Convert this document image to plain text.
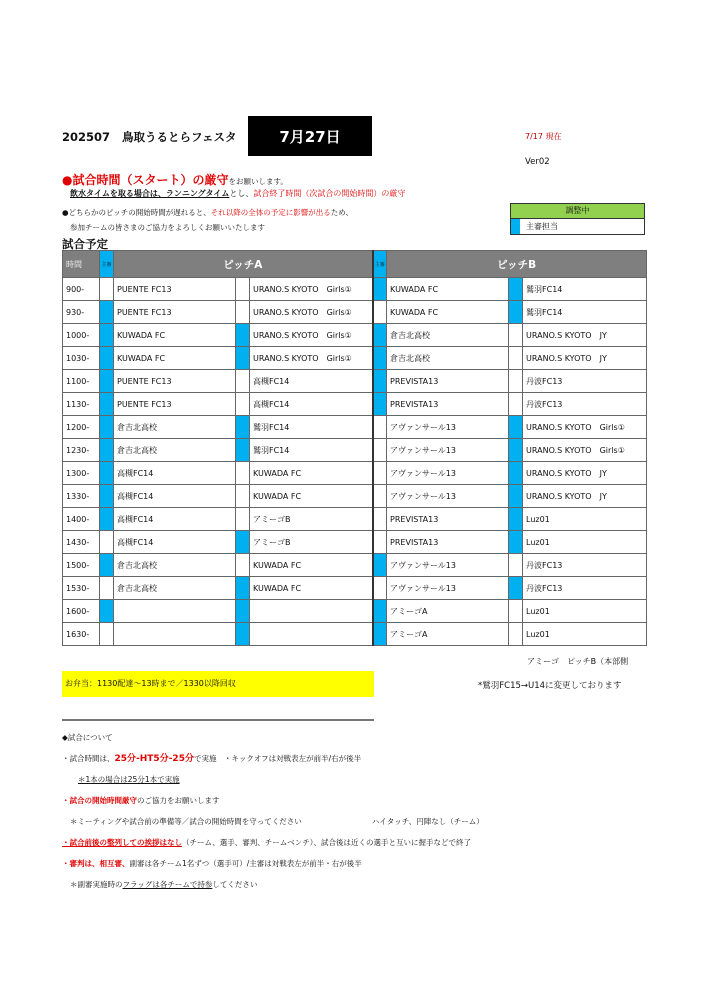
202507 鳥取うるとらフェスタ	7月27日	7/17 現在
Ver02
●試合時間（スタート）の厳守をお願いします。
飲水タイムを取る場合は、ランニングタイムとし、試合終了時間（次試合の開始時間）の厳守
●どちらかのピッチの開始時間が遅れると、それ以降の全体の予定に影響が出るため、
参加チームの皆さまのご協力をよろしくお願いいたします
調整中
主審担当
試合予定
時間	主審	ピッチA			主審	ピッチB		
900-		PUENTE FC13		URANO.S KYOTO　Girls①		KUWADA FC		鷲羽FC14
930-		PUENTE FC13		URANO.S KYOTO　Girls①		KUWADA FC		鷲羽FC14
1000-		KUWADA FC		URANO.S KYOTO　Girls①		倉吉北高校		URANO.S KYOTO　JY
1030-		KUWADA FC		URANO.S KYOTO　Girls①		倉吉北高校		URANO.S KYOTO　JY
1100-		PUENTE FC13		高槻FC14		PREVISTA13		丹波FC13
1130-		PUENTE FC13		高槻FC14		PREVISTA13		丹波FC13
1200-		倉吉北高校		鷲羽FC14		アヴァンサール13		URANO.S KYOTO　Girls①
1230-		倉吉北高校		鷲羽FC14		アヴァンサール13		URANO.S KYOTO　Girls①
1300-		高槻FC14		KUWADA FC		アヴァンサール13		URANO.S KYOTO　JY
1330-		高槻FC14		KUWADA FC		アヴァンサール13		URANO.S KYOTO　JY
1400-		高槻FC14		アミーゴB		PREVISTA13		Luz01
1430-		高槻FC14		アミーゴB		PREVISTA13		Luz01
1500-		倉吉北高校		KUWADA FC		アヴァンサール13		丹波FC13
1530-		倉吉北高校		KUWADA FC		アヴァンサール13		丹波FC13
1600-						アミーゴA		Luz01
1630-						アミーゴA		Luz01
アミーゴ　ピッチB（本部側
お弁当：1130配達～13時まで／1330以降回収	*鷲羽FC15→U14に変更しております
◆試合について
・試合時間は、25分-HT5分-25分で実施　・キックオフは対戦表左が前半/右が後半
＊1本の場合は25分1本で実施
・試合の開始時間厳守のご協力をお願いします
＊ミーティングや試合前の準備等／試合の開始時間を守ってください	ハイタッチ、円陣なし（チーム）
・試合前後の整列しての挨拶はなし（チーム、選手、審判、チームベンチ）、試合後は近くの選手と互いに握手などで終了
・審判は、相互審、副審は各チーム1名ずつ（選手可）/主審は対戦表左が前半・右が後半
＊副審実施時のフラッグは各チームで持参してください
